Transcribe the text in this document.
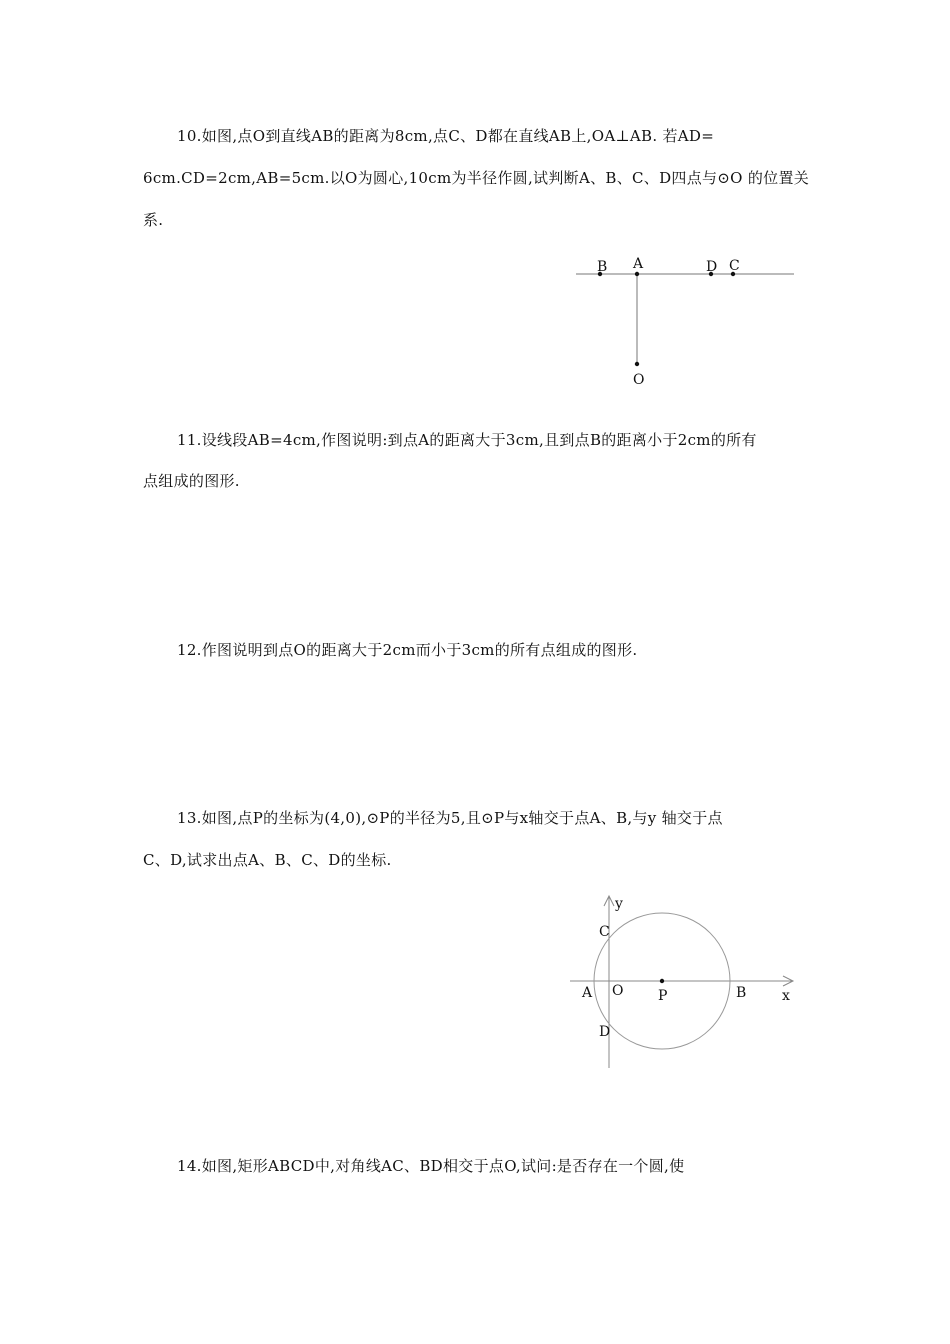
10.如图,点O到直线AB的距离为8cm,点C、D都在直线AB上,OA⊥AB. 若AD=
6cm.CD=2cm,AB=5cm.以O为圆心,10cm为半径作圆,试判断A、B、C、D四点与⊙O 的位置关
系.
B A	D C
O
11.设线段AB=4cm,作图说明:到点A的距离大于3cm,且到点B的距离小于2cm的所有
点组成的图形.
12.作图说明到点O的距离大于2cm而小于3cm的所有点组成的图形.
13.如图,点P的坐标为(4,0),⊙P的半径为5,且⊙P与x轴交于点A、B,与y 轴交于点
C、D,试求出点A、B、C、D的坐标.
y
C
A O P	B	x
D
14.如图,矩形ABCD中,对角线AC、BD相交于点O,试问:是否存在一个圆,使
